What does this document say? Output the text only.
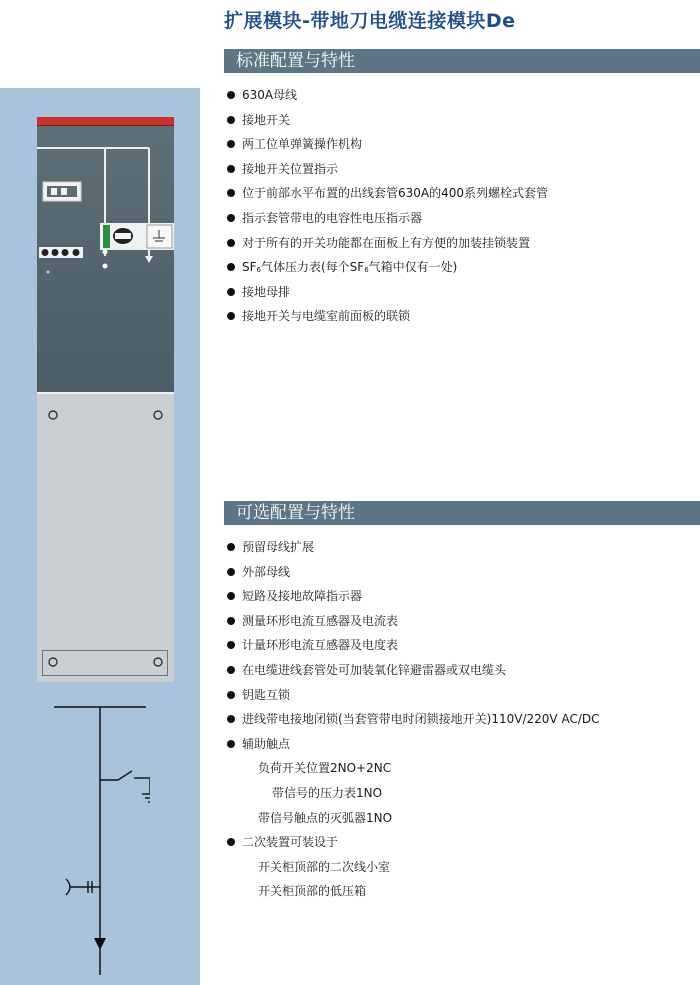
扩展模块-带地刀电缆连接模块De
标准配置与特性
630A母线
接地开关
两工位单弹簧操作机构
接地开关位置指示
位于前部水平布置的出线套管630A的400系列螺栓式套管
指示套管带电的电容性电压指示器
对于所有的开关功能都在面板上有方便的加装挂锁装置
$SF_6$气体压力表(每个$SF_6$气箱中仅有一处)
接地母排
接地开关与电缆室前面板的联锁
可选配置与特性
预留母线扩展
外部母线
短路及接地故障指示器
测量环形电流互感器及电流表
计量环形电流互感器及电度表
在电缆进线套管处可加装氧化锌避雷器或双电缆头
钥匙互锁
进线带电接地闭锁(当套管带电时闭锁接地开关)110V/220V AC/DC
辅助触点
负荷开关位置2NO+2NC
带信号的压力表1NO
带信号触点的灭弧器1NO
二次装置可装设于
开关柜顶部的二次线小室
开关柜顶部的低压箱
